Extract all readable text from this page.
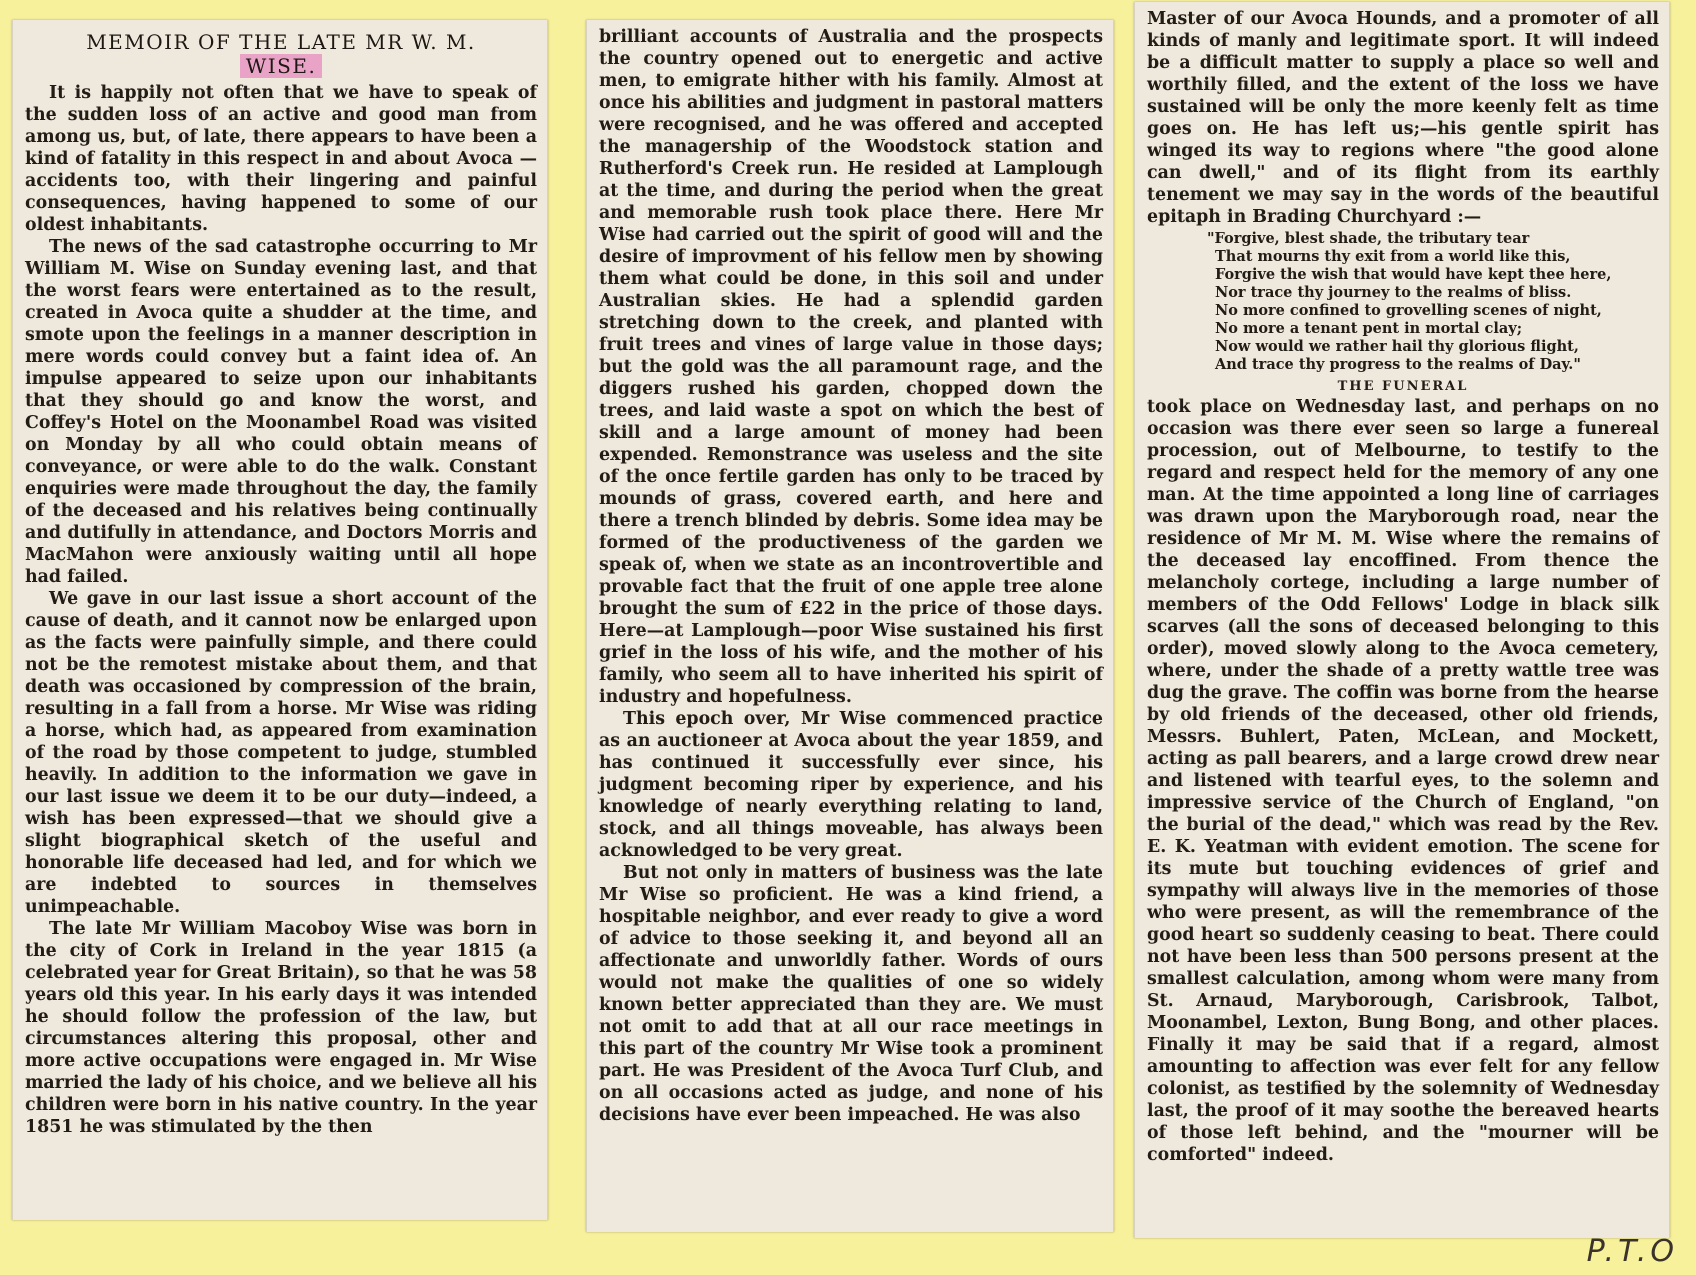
MEMOIR OF THE LATE MR W. M.
WISE.

It is happily not often that we have to speak of the sudden loss of an active and good man from among us, but, of late, there appears to have been a kind of fatality in this respect in and about Avoca —accidents too, with their lingering and painful consequences, having happened to some of our oldest inhabitants.

The news of the sad catastrophe occurring to Mr William M. Wise on Sunday evening last, and that the worst fears were entertained as to the result, created in Avoca quite a shudder at the time, and smote upon the feelings in a manner description in mere words could convey but a faint idea of. An impulse appeared to seize upon our inhabitants that they should go and know the worst, and Coffey's Hotel on the Moonambel Road was visited on Monday by all who could obtain means of conveyance, or were able to do the walk. Constant enquiries were made throughout the day, the family of the deceased and his relatives being continually and dutifully in attendance, and Doctors Morris and MacMahon were anxiously waiting until all hope had failed.

We gave in our last issue a short account of the cause of death, and it cannot now be enlarged upon as the facts were painfully simple, and there could not be the remotest mistake about them, and that death was occasioned by compression of the brain, resulting in a fall from a horse. Mr Wise was riding a horse, which had, as appeared from examination of the road by those competent to judge, stumbled heavily. In addition to the information we gave in our last issue we deem it to be our duty—indeed, a wish has been expressed—that we should give a slight biographical sketch of the useful and honorable life deceased had led, and for which we are indebted to sources in themselves unimpeachable.

The late Mr William Macoboy Wise was born in the city of Cork in Ireland in the year 1815 (a celebrated year for Great Britain), so that he was 58 years old this year. In his early days it was intended he should follow the profession of the law, but circumstances altering this proposal, other and more active occupations were engaged in. Mr Wise married the lady of his choice, and we believe all his children were born in his native country. In the year 1851 he was stimulated by the then

brilliant accounts of Australia and the prospects the country opened out to energetic and active men, to emigrate hither with his family. Almost at once his abilities and judgment in pastoral matters were recognised, and he was offered and accepted the managership of the Woodstock station and Rutherford's Creek run. He resided at Lamplough at the time, and during the period when the great and memorable rush took place there. Here Mr Wise had carried out the spirit of good will and the desire of improvment of his fellow men by showing them what could be done, in this soil and under Australian skies. He had a splendid garden stretching down to the creek, and planted with fruit trees and vines of large value in those days; but the gold was the all paramount rage, and the diggers rushed his garden, chopped down the trees, and laid waste a spot on which the best of skill and a large amount of money had been expended. Remonstrance was useless and the site of the once fertile garden has only to be traced by mounds of grass, covered earth, and here and there a trench blinded by debris. Some idea may be formed of the productiveness of the garden we speak of, when we state as an incontrovertible and provable fact that the fruit of one apple tree alone brought the sum of £22 in the price of those days. Here—at Lamplough—poor Wise sustained his first grief in the loss of his wife, and the mother of his family, who seem all to have inherited his spirit of industry and hopefulness.

This epoch over, Mr Wise commenced practice as an auctioneer at Avoca about the year 1859, and has continued it successfully ever since, his judgment becoming riper by experience, and his knowledge of nearly everything relating to land, stock, and all things moveable, has always been acknowledged to be very great.

But not only in matters of business was the late Mr Wise so proficient. He was a kind friend, a hospitable neighbor, and ever ready to give a word of advice to those seeking it, and beyond all an affectionate and unworldly father. Words of ours would not make the qualities of one so widely known better appreciated than they are. We must not omit to add that at all our race meetings in this part of the country Mr Wise took a prominent part. He was President of the Avoca Turf Club, and on all occasions acted as judge, and none of his decisions have ever been impeached. He was also

Master of our Avoca Hounds, and a promoter of all kinds of manly and legitimate sport. It will indeed be a difficult matter to supply a place so well and worthily filled, and the extent of the loss we have sustained will be only the more keenly felt as time goes on. He has left us;—his gentle spirit has winged its way to regions where "the good alone can dwell," and of its flight from its earthly tenement we may say in the words of the beautiful epitaph in Brading Churchyard :—

"Forgive, blest shade, the tributary tear
That mourns thy exit from a world like this,
Forgive the wish that would have kept thee here,
Nor trace thy journey to the realms of bliss.
No more confined to grovelling scenes of night,
No more a tenant pent in mortal clay;
Now would we rather hail thy glorious flight,
And trace thy progress to the realms of Day."

THE FUNERAL

took place on Wednesday last, and perhaps on no occasion was there ever seen so large a funereal procession, out of Melbourne, to testify to the regard and respect held for the memory of any one man. At the time appointed a long line of carriages was drawn upon the Maryborough road, near the residence of Mr M. M. Wise where the remains of the deceased lay encoffined. From thence the melancholy cortege, including a large number of members of the Odd Fellows' Lodge in black silk scarves (all the sons of deceased belonging to this order), moved slowly along to the Avoca cemetery, where, under the shade of a pretty wattle tree was dug the grave. The coffin was borne from the hearse by old friends of the deceased, other old friends, Messrs. Buhlert, Paten, McLean, and Mockett, acting as pall bearers, and a large crowd drew near and listened with tearful eyes, to the solemn and impressive service of the Church of England, "on the burial of the dead," which was read by the Rev. E. K. Yeatman with evident emotion. The scene for its mute but touching evidences of grief and sympathy will always live in the memories of those who were present, as will the remembrance of the good heart so suddenly ceasing to beat. There could not have been less than 500 persons present at the smallest calculation, among whom were many from St. Arnaud, Maryborough, Carisbrook, Talbot, Moonambel, Lexton, Bung Bong, and other places. Finally it may be said that if a regard, almost amounting to affection was ever felt for any fellow colonist, as testified by the solemnity of Wednesday last, the proof of it may soothe the bereaved hearts of those left behind, and the "mourner will be comforted" indeed.

P.T.O
